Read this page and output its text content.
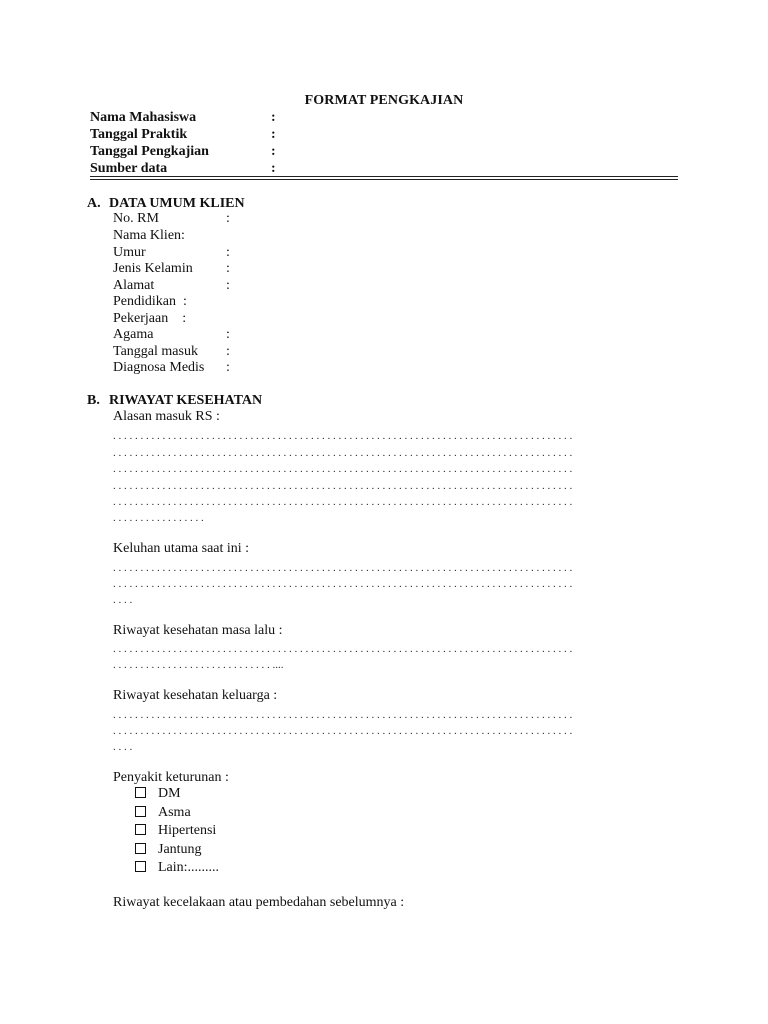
FORMAT PENGKAJIAN
Nama Mahasiswa	:
Tanggal Praktik	:
Tanggal Pengkajian	:
Sumber data	:
A. DATA UMUM KLIEN
No. RM	:
Nama Klien:
Umur	:
Jenis Kelamin :
Alamat	:
Pendidikan  :
Pekerjaan    :
Agama	:
Tanggal masuk :
Diagnosa Medis :
B. RIWAYAT KESEHATAN
Alasan masuk RS :
. . . . . . . . . . . . . . . . . . . . . . . . . . . . . . . . . . . . . . . . . . . . . . . . . . . . . . . . . . . . . . . . . . . . . . . . . . . . . . . . . . . .
. . . . . . . . . . . . . . . . . . . . . . . . . . . . . . . . . . . . . . . . . . . . . . . . . . . . . . . . . . . . . . . . . . . . . . . . . . . . . . . . . . . .
. . . . . . . . . . . . . . . . . . . . . . . . . . . . . . . . . . . . . . . . . . . . . . . . . . . . . . . . . . . . . . . . . . . . . . . . . . . . . . . . . . . .
. . . . . . . . . . . . . . . . . . . . . . . . . . . . . . . . . . . . . . . . . . . . . . . . . . . . . . . . . . . . . . . . . . . . . . . . . . . . . . . . . . . .
. . . . . . . . . . . . . . . . . . . . . . . . . . . . . . . . . . . . . . . . . . . . . . . . . . . . . . . . . . . . . . . . . . . . . . . . . . . . . . . . . . . .
. . . . . . . . . . . . . . . . .
Keluhan utama saat ini :
. . . . . . . . . . . . . . . . . . . . . . . . . . . . . . . . . . . . . . . . . . . . . . . . . . . . . . . . . . . . . . . . . . . . . . . . . . . . . . . . . . . .
. . . . . . . . . . . . . . . . . . . . . . . . . . . . . . . . . . . . . . . . . . . . . . . . . . . . . . . . . . . . . . . . . . . . . . . . . . . . . . . . . . . .
. . . .
Riwayat kesehatan masa lalu :
. . . . . . . . . . . . . . . . . . . . . . . . . . . . . . . . . . . . . . . . . . . . . . . . . . . . . . . . . . . . . . . . . . . . . . . . . . . . . . . . . . . .
. . . . . . . . . . . . . . . . . . . . . . . . . . . . . ....
Riwayat kesehatan keluarga :
. . . . . . . . . . . . . . . . . . . . . . . . . . . . . . . . . . . . . . . . . . . . . . . . . . . . . . . . . . . . . . . . . . . . . . . . . . . . . . . . . . . .
. . . . . . . . . . . . . . . . . . . . . . . . . . . . . . . . . . . . . . . . . . . . . . . . . . . . . . . . . . . . . . . . . . . . . . . . . . . . . . . . . . . .
. . . .
Penyakit keturunan :
DM
Asma
Hipertensi
Jantung
Lain:.........
Riwayat kecelakaan atau pembedahan sebelumnya :
